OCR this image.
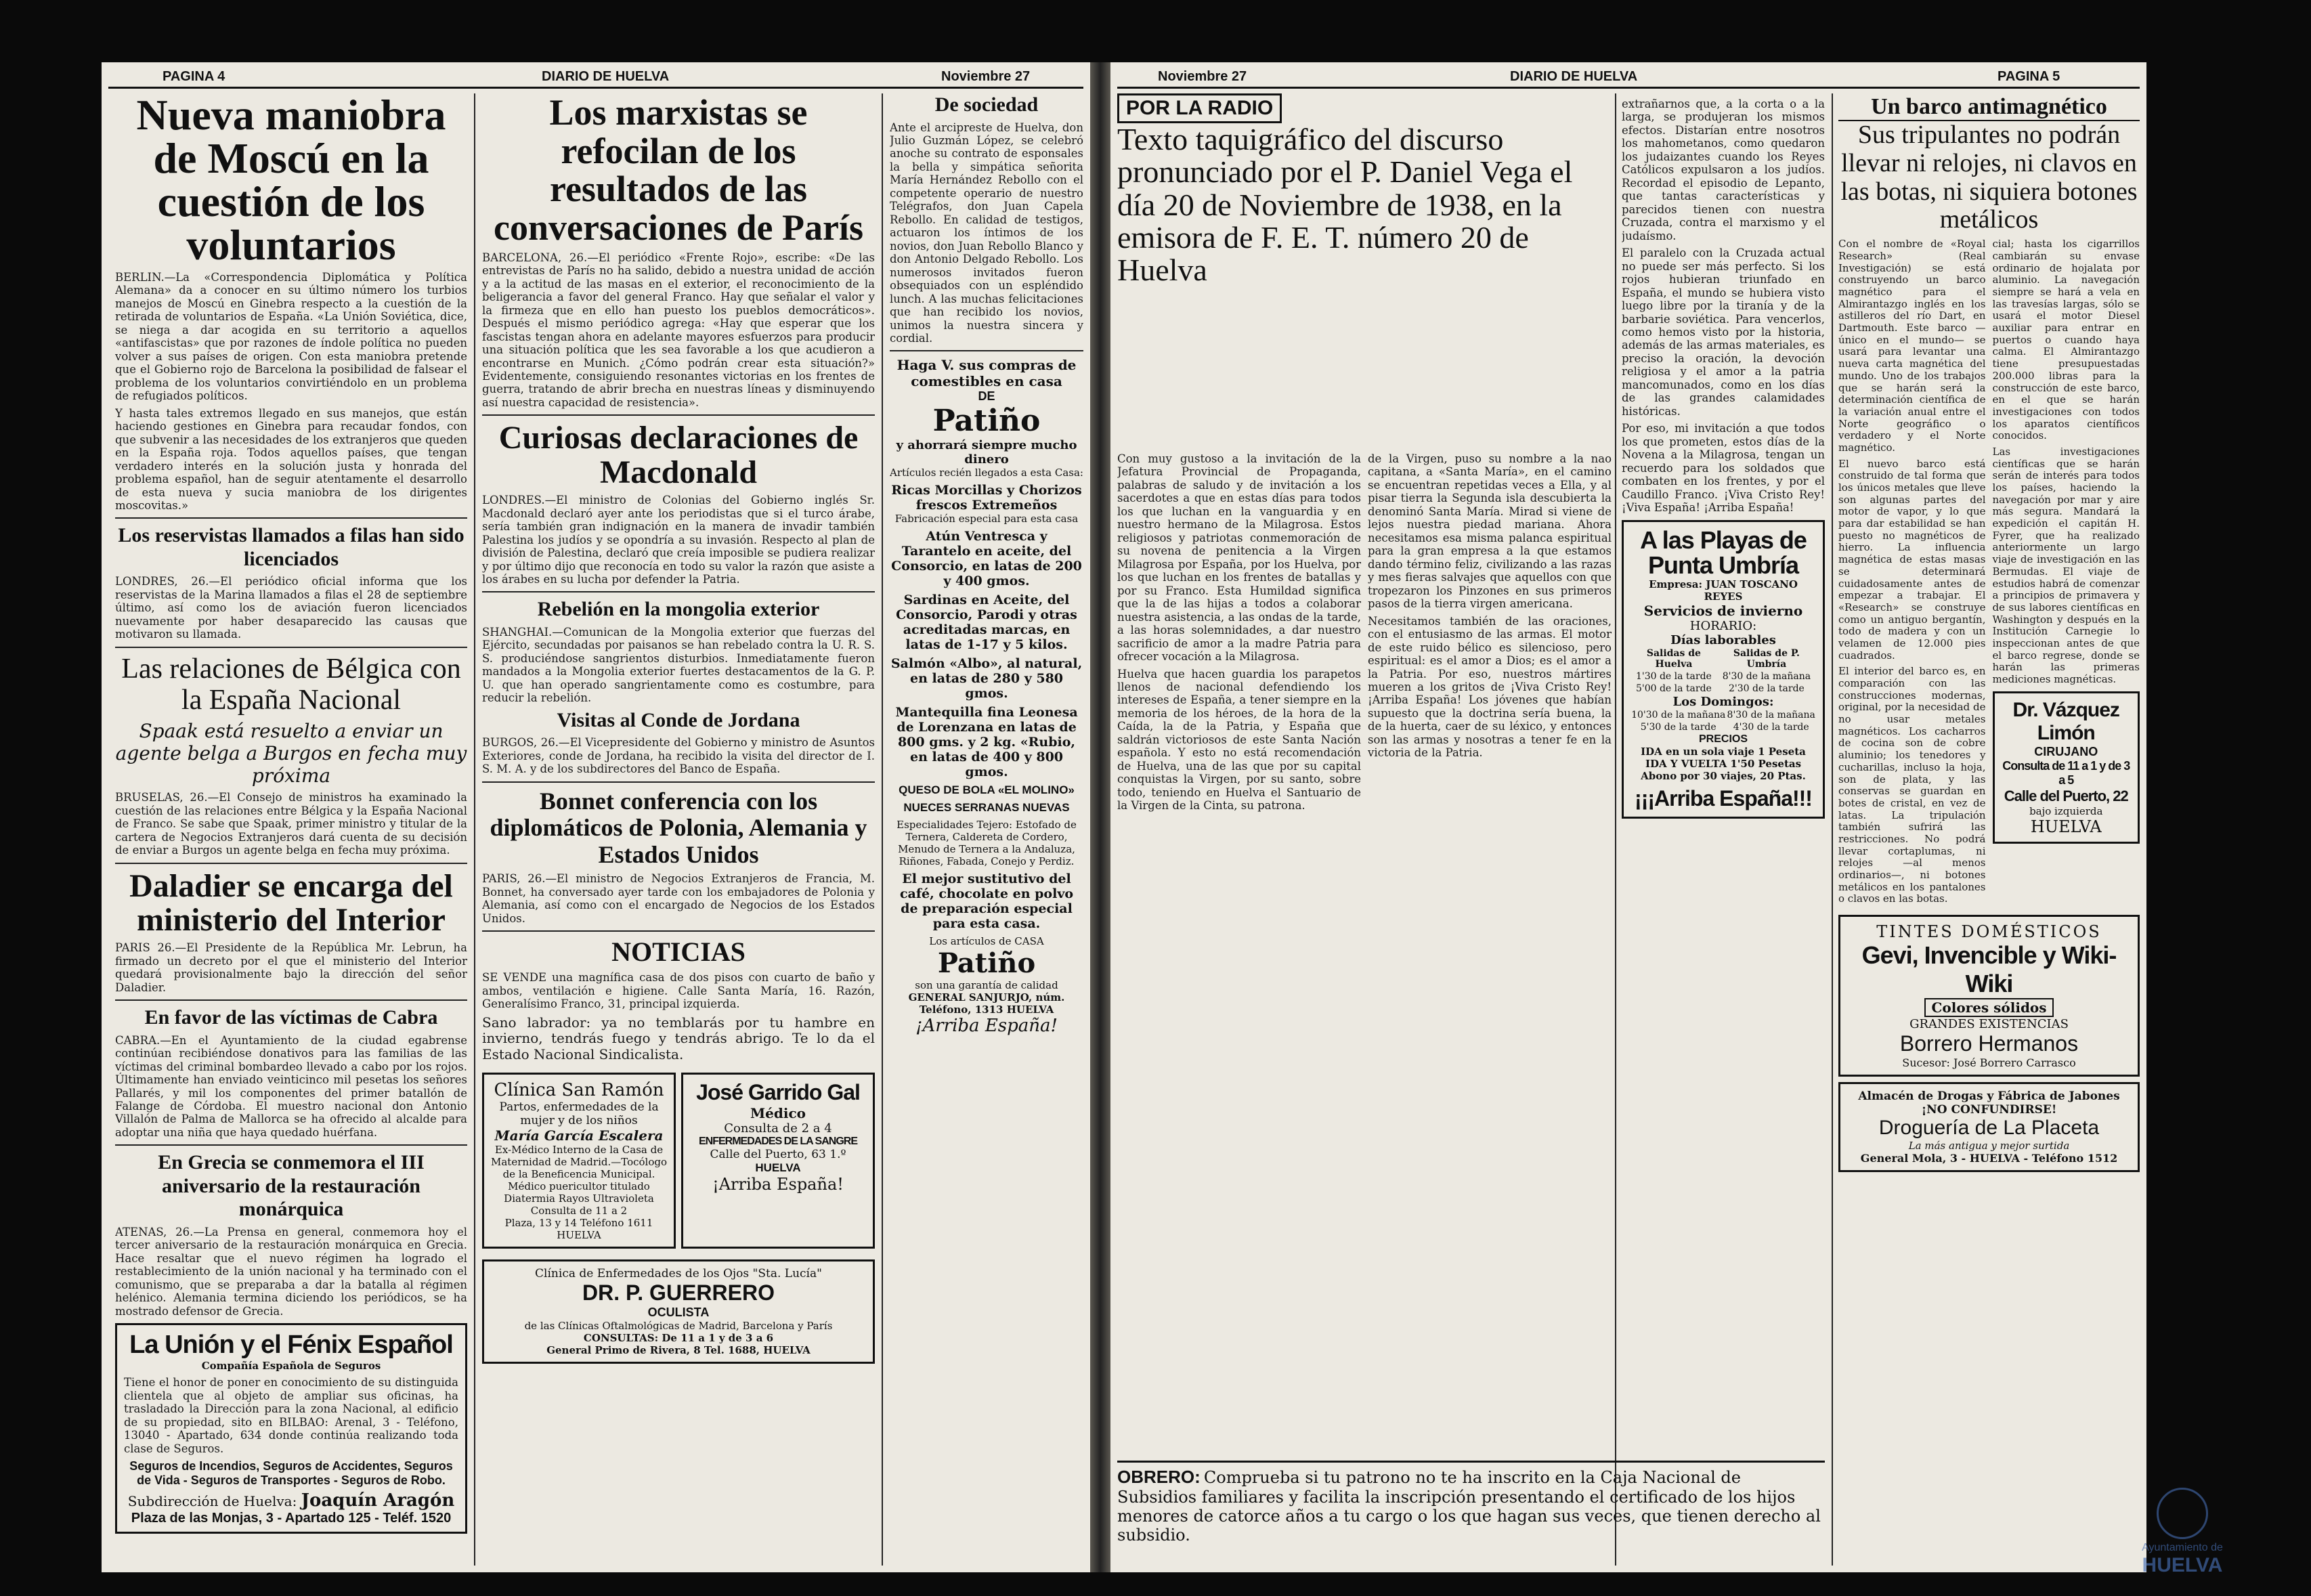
PAGINA 4	DIARIO DE HUELVA	Noviembre 27
Nueva maniobra de Moscú en la cuestión de los voluntarios

BERLIN.—La «Correspondencia Diplomática y Política Alemana» da a conocer en su último número los turbios manejos de Moscú en Ginebra respecto a la cuestión de la retirada de voluntarios de España. «La Unión Soviética, dice, se niega a dar acogida en su territorio a aquellos «antifascistas» que por razones de índole política no pueden volver a sus países de origen. Con esta maniobra pretende que el Gobierno rojo de Barcelona la posibilidad de falsear el problema de los voluntarios convirtiéndolo en un problema de refugiados políticos.

Y hasta tales extremos llegado en sus manejos, que están haciendo gestiones en Ginebra para recaudar fondos, con que subvenir a las necesidades de los extranjeros que queden en la España roja. Todos aquellos países, que tengan verdadero interés en la solución justa y honrada del problema español, han de seguir atentamente el desarrollo de esta nueva y sucia maniobra de los dirigentes moscovitas.»

Los reservistas llamados a filas han sido licenciados

LONDRES, 26.—El periódico oficial informa que los reservistas de la Marina llamados a filas el 28 de septiembre último, así como los de aviación fueron licenciados nuevamente por haber desaparecido las causas que motivaron su llamada.

Las relaciones de Bélgica con la España Nacional
Spaak está resuelto a enviar un agente belga a Burgos en fecha muy próxima

BRUSELAS, 26.—El Consejo de ministros ha examinado la cuestión de las relaciones entre Bélgica y la España Nacional de Franco. Se sabe que Spaak, primer ministro y titular de la cartera de Negocios Extranjeros dará cuenta de su decisión de enviar a Burgos un agente belga en fecha muy próxima.

Daladier se encarga del ministerio del Interior

PARIS 26.—El Presidente de la República Mr. Lebrun, ha firmado un decreto por el que el ministerio del Interior quedará provisionalmente bajo la dirección del señor Daladier.

En favor de las víctimas de Cabra

CABRA.—En el Ayuntamiento de la ciudad egabrense continúan recibiéndose donativos para las familias de las víctimas del criminal bombardeo llevado a cabo por los rojos. Últimamente han enviado veinticinco mil pesetas los señores Pallarés, y mil los componentes del primer batallón de Falange de Córdoba. El muestro nacional don Antonio Villalón de Palma de Mallorca se ha ofrecido al alcalde para adoptar una niña que haya quedado huérfana.

En Grecia se conmemora el III aniversario de la restauración monárquica

ATENAS, 26.—La Prensa en general, conmemora hoy el tercer aniversario de la restauración monárquica en Grecia. Hace resaltar que el nuevo régimen ha logrado el restablecimiento de la unión nacional y ha terminado con el comunismo, que se preparaba a dar la batalla al régimen helénico. Alemania termina diciendo los periódicos, se ha mostrado defensor de Grecia.

La Unión y el Fénix Español
Compañía Española de Seguros

Tiene el honor de poner en conocimiento de su distinguida clientela que al objeto de ampliar sus oficinas, ha trasladado la Dirección para la zona Nacional, al edificio de su propiedad, sito en BILBAO: Arenal, 3 - Teléfono, 13040 - Apartado, 634 donde continúa realizando toda clase de Seguros.

Seguros de Incendios, Seguros de Accidentes, Seguros de Vida - Seguros de Transportes - Seguros de Robo.
Subdirección de Huelva: Joaquín Aragón
Plaza de las Monjas, 3 - Apartado 125 - Teléf. 1520
Los marxistas se refocilan de los resultados de las conversaciones de París

BARCELONA, 26.—El periódico «Frente Rojo», escribe: «De las entrevistas de París no ha salido, debido a nuestra unidad de acción y a la actitud de las masas en el exterior, el reconocimiento de la beligerancia a favor del general Franco. Hay que señalar el valor y la firmeza que en ello han puesto los pueblos democráticos». Después el mismo periódico agrega: «Hay que esperar que los fascistas tengan ahora en adelante mayores esfuerzos para producir una situación política que les sea favorable a los que acudieron a encontrarse en Munich. ¿Cómo podrán crear esta situación?» Evidentemente, consiguiendo resonantes victorias en los frentes de guerra, tratando de abrir brecha en nuestras líneas y disminuyendo así nuestra capacidad de resistencia».

Curiosas declaraciones de Macdonald

LONDRES.—El ministro de Colonias del Gobierno inglés Sr. Macdonald declaró ayer ante los periodistas que si el turco árabe, sería también gran indignación en la manera de invadir también Palestina los judíos y se opondría a su invasión. Respecto al plan de división de Palestina, declaró que creía imposible se pudiera realizar y por último dijo que reconocía en todo su valor la razón que asiste a los árabes en su lucha por defender la Patria.

Rebelión en la mongolia exterior

SHANGHAI.—Comunican de la Mongolia exterior que fuerzas del Ejército, secundadas por paisanos se han rebelado contra la U. R. S. S. produciéndose sangrientos disturbios. Inmediatamente fueron mandados a la Mongolia exterior fuertes destacamentos de la G. P. U. que han operado sangrientamente como es costumbre, para reducir la rebelión.

Visitas al Conde de Jordana

BURGOS, 26.—El Vicepresidente del Gobierno y ministro de Asuntos Exteriores, conde de Jordana, ha recibido la visita del director de I. S. M. A. y de los subdirectores del Banco de España.

Bonnet conferencia con los diplomáticos de Polonia, Alemania y Estados Unidos

PARIS, 26.—El ministro de Negocios Extranjeros de Francia, M. Bonnet, ha conversado ayer tarde con los embajadores de Polonia y Alemania, así como con el encargado de Negocios de los Estados Unidos.

NOTICIAS

SE VENDE una magnífica casa de dos pisos con cuarto de baño y ambos, ventilación e higiene. Calle Santa María, 16. Razón, Generalísimo Franco, 31, principal izquierda.

Sano labrador: ya no temblarás por tu hambre en invierno, tendrás fuego y tendrás abrigo. Te lo da el Estado Nacional Sindicalista.

Clínica San Ramón
Partos, enfermedades de la mujer y de los niños
María García Escalera
Ex-Médico Interno de la Casa de Maternidad de Madrid.—Tocólogo de la Beneficencia Municipal.
Médico puericultor titulado
Diatermia Rayos Ultravioleta
Consulta de 11 a 2
Plaza, 13 y 14 Teléfono 1611
HUELVA
José Garrido Gal
Médico
Consulta de 2 a 4
ENFERMEDADES DE LA SANGRE
Calle del Puerto, 63 1.º
HUELVA
¡Arriba España!
Clínica de Enfermedades de los Ojos "Sta. Lucía"
DR. P. GUERRERO
OCULISTA
de las Clínicas Oftalmológicas de Madrid, Barcelona y París
CONSULTAS: De 11 a 1 y de 3 a 6
General Primo de Rivera, 8 Tel. 1688, HUELVA
De sociedad

Ante el arcipreste de Huelva, don Julio Guzmán López, se celebró anoche su contrato de esponsales la bella y simpática señorita María Hernández Rebollo con el competente operario de nuestro Telégrafos, don Juan Capela Rebollo. En calidad de testigos, actuaron los íntimos de los novios, don Juan Rebollo Blanco y don Antonio Delgado Rebollo. Los numerosos invitados fueron obsequiados con un espléndido lunch. A las muchas felicitaciones que han recibido los novios, unimos la nuestra sincera y cordial.

Haga V. sus compras de comestibles en casa
DE
Patiño
y ahorrará siempre mucho dinero
Artículos recién llegados a esta Casa:
Ricas Morcillas y Chorizos frescos Extremeños
Fabricación especial para esta casa
Atún Ventresca y Tarantelo en aceite, del Consorcio, en latas de 200 y 400 gmos.
Sardinas en Aceite, del Consorcio, Parodi y otras acreditadas marcas, en latas de 1-17 y 5 kilos.
Salmón «Albo», al natural, en latas de 280 y 580 gmos.
Mantequilla fina Leonesa de Lorenzana en latas de 800 gms. y 2 kg. «Rubio, en latas de 400 y 800 gmos.
QUESO DE BOLA «EL MOLINO»
NUECES SERRANAS NUEVAS
Especialidades Tejero: Estofado de Ternera, Caldereta de Cordero, Menudo de Ternera a la Andaluza, Riñones, Fabada, Conejo y Perdiz.
El mejor sustitutivo del café, chocolate en polvo de preparación especial para esta casa.
Los artículos de CASA
Patiño
son una garantía de calidad
GENERAL SANJURJO, núm. Teléfono, 1313 HUELVA
¡Arriba España!
Noviembre 27	DIARIO DE HUELVA	PAGINA 5
POR LA RADIO
Texto taquigráfico del discurso pronunciado por el P. Daniel Vega el día 20 de Noviembre de 1938, en la emisora de F. E. T. número 20 de Huelva

Con muy gustoso a la invitación de la Jefatura Provincial de Propaganda, palabras de saludo y de invitación a los sacerdotes a que en estas días para todos los que luchan en la vanguardia y en nuestro hermano de la Milagrosa. Estos religiosos y patriotas conmemoración de su novena de penitencia a la Virgen Milagrosa por España, por los Huelva, por los que luchan en los frentes de batallas y por su Franco. Esta Humildad significa que la de las hijas a todos a colaborar nuestra asistencia, a las ondas de la tarde, a las horas solemnidades, a dar nuestro sacrificio de amor a la madre Patria para ofrecer vocación a la Milagrosa.

Huelva que hacen guardia los parapetos llenos de nacional defendiendo los intereses de España, a tener siempre en la memoria de los héroes, de la hora de la Caída, la de la Patria, y España que saldrán victoriosos de este Santa Nación española. Y esto no está recomendación de Huelva, una de las que por su capital conquistas la Virgen, por su santo, sobre todo, teniendo en Huelva el Santuario de la Virgen de la Cinta, su patrona.

de la Virgen, puso su nombre a la nao capitana, a «Santa María», en el camino se encuentran repetidas veces a Ella, y al pisar tierra la Segunda isla descubierta la denominó Santa María. Mirad si viene de lejos nuestra piedad mariana. Ahora necesitamos esa misma palanca espiritual para la gran empresa a la que estamos dando término feliz, civilizando a las razas y mes fieras salvajes que aquellos con que tropezaron los Pinzones en sus primeros pasos de la tierra virgen americana.

Necesitamos también de las oraciones, con el entusiasmo de las armas. El motor de este ruido bélico es silencioso, pero espiritual: es el amor a Dios; es el amor a la Patria. Por eso, nuestros mártires mueren a los gritos de ¡Viva Cristo Rey! ¡Arriba España! Los jóvenes que habían supuesto que la doctrina sería buena, la de la huerta, caer de su léxico, y entonces son las armas y nosotras a tener fe en la victoria de la Patria.

extrañarnos que, a la corta o a la larga, se produjeran los mismos efectos. Distarían entre nosotros los mahometanos, como quedaron los judaizantes cuando los Reyes Católicos expulsaron a los judíos. Recordad el episodio de Lepanto, que tantas características y parecidos tienen con nuestra Cruzada, contra el marxismo y el judaísmo.

El paralelo con la Cruzada actual no puede ser más perfecto. Si los rojos hubieran triunfado en España, el mundo se hubiera visto luego libre por la tiranía y de la barbarie soviética. Para vencerlos, como hemos visto por la historia, además de las armas materiales, es preciso la oración, la devoción religiosa y el amor a la patria mancomunados, como en los días de las grandes calamidades históricas.

Por eso, mi invitación a que todos los que prometen, estos días de la Novena a la Milagrosa, tengan un recuerdo para los soldados que combaten en los frentes, y por el Caudillo Franco. ¡Viva Cristo Rey! ¡Viva España! ¡Arriba España!

A las Playas de Punta Umbría
Empresa: JUAN TOSCANO REYES
Servicios de invierno
HORARIO:
Días laborables
Salidas de Huelva	Salidas de P. Umbría
1'30 de la tarde	8'30 de la mañana
5'00 de la tarde	2'30 de la tarde
Los Domingos:
10'30 de la mañana	8'30 de la mañana
5'30 de la tarde	4'30 de la tarde
PRECIOS
IDA en un sola viaje 1 Peseta
IDA Y VUELTA 1'50 Pesetas
Abono por 30 viajes, 20 Ptas.
¡¡¡Arriba España!!!
OBRERO: Comprueba si tu patrono no te ha inscrito en la Caja Nacional de Subsidios familiares y facilita la inscripción presentando el certificado de los hijos menores de catorce años a tu cargo o los que hagan sus veces, que tienen derecho al subsidio.
Un barco antimagnético
Sus tripulantes no podrán llevar ni relojes, ni clavos en las botas, ni siquiera botones metálicos

Con el nombre de «Royal Research» (Real Investigación) se está construyendo un barco magnético para el Almirantazgo inglés en los astilleros del río Dart, en Dartmouth. Este barco —único en el mundo— se usará para levantar una nueva carta magnética del mundo. Uno de los trabajos que se harán será la determinación científica de la variación anual entre el Norte geográfico o verdadero y el Norte magnético.

El nuevo barco está construido de tal forma que los únicos metales que lleve son algunas partes del motor de vapor, y lo que para dar estabilidad se han puesto no magnéticos de hierro. La influencia magnética de estas masas se determinará cuidadosamente antes de empezar a trabajar. El «Research» se construye como un antiguo bergantín, todo de madera y con un velamen de 12.000 pies cuadrados.

El interior del barco es, en comparación con las construcciones modernas, original, por la necesidad de no usar metales magnéticos. Los cacharros de cocina son de cobre aluminio; los tenedores y cucharillas, incluso la hoja, son de plata, y las conservas se guardan en botes de cristal, en vez de latas. La tripulación también sufrirá las restricciones. No podrá llevar cortaplumas, ni relojes —al menos ordinarios—, ni botones metálicos en los pantalones o clavos en las botas.

cial; hasta los cigarrillos cambiarán su envase ordinario de hojalata por aluminio. La navegación siempre se hará a vela en las travesías largas, sólo se usará el motor Diesel auxiliar para entrar en puertos o cuando haya calma. El Almirantazgo tiene presupuestadas 200.000 libras para la construcción de este barco, en el que se harán investigaciones con todos los aparatos científicos conocidos.

Las investigaciones científicas que se harán serán de interés para todos los países, haciendo la navegación por mar y aire más segura. Mandará la expedición el capitán H. Fyrer, que ha realizado anteriormente un largo viaje de investigación en las Bermudas. El viaje de estudios habrá de comenzar a principios de primavera y de sus labores científicas en Washington y después en la Institución Carnegie lo inspeccionan antes de que el barco regrese, donde se harán las primeras mediciones magnéticas.

Dr. Vázquez Limón
CIRUJANO
Consulta de 11 a 1 y de 3 a 5
Calle del Puerto, 22
bajo izquierda
HUELVA
TINTES DOMÉSTICOS
Gevi, Invencible y Wiki-Wiki
Colores sólidos
GRANDES EXISTENCIAS
Borrero Hermanos
Sucesor: José Borrero Carrasco
Almacén de Drogas y Fábrica de Jabones
¡NO CONFUNDIRSE!
Droguería de La Placeta
La más antigua y mejor surtida
General Mola, 3 - HUELVA - Teléfono 1512
Ayuntamiento de
HUELVA
